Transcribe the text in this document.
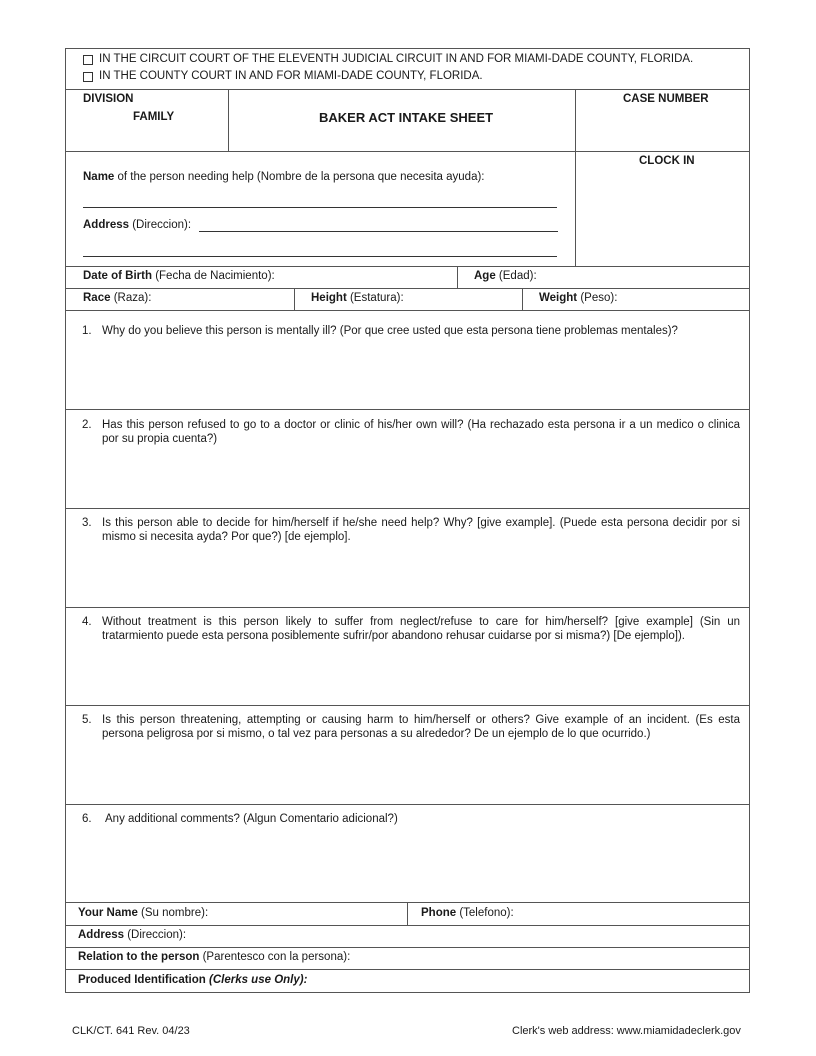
IN THE CIRCUIT COURT OF THE ELEVENTH JUDICIAL CIRCUIT IN AND FOR MIAMI-DADE COUNTY, FLORIDA.
IN THE COUNTY COURT IN AND FOR MIAMI-DADE COUNTY, FLORIDA.
DIVISION
FAMILY	BAKER ACT INTAKE SHEET
CASE NUMBER
CLOCK IN
Name of the person needing help (Nombre de la persona que necesita ayuda):
Address (Direccion):
Date of Birth (Fecha de Nacimiento):	Age (Edad):
Race (Raza):	Height (Estatura):	Weight (Peso):
1. Why do you believe this person is mentally ill? (Por que cree usted que esta persona tiene problemas mentales)?
2. Has this person refused to go to a doctor or clinic of his/her own will? (Ha rechazado esta persona ir a un medico o clinica por su propia cuenta?)
3. Is this person able to decide for him/herself if he/she need help? Why? [give example]. (Puede esta persona decidir por si mismo si necesita ayda? Por que?) [de ejemplo].
4. Without treatment is this person likely to suffer from neglect/refuse to care for him/herself? [give example] (Sin un tratarmiento puede esta persona posiblemente sufrir/por abandono rehusar cuidarse por si misma?) [De ejemplo]).
5. Is this person threatening, attempting or causing harm to him/herself or others? Give example of an incident. (Es esta persona peligrosa por si mismo, o tal vez para personas a su alrededor? De un ejemplo de lo que ocurrido.)
6. Any additional comments? (Algun Comentario adicional?)
Your Name (Su nombre):	Phone (Telefono):
Address (Direccion):
Relation to the person (Parentesco con la persona):
Produced Identification (Clerks use Only):
CLK/CT. 641 Rev. 04/23	Clerk's web address: www.miamidadeclerk.gov
